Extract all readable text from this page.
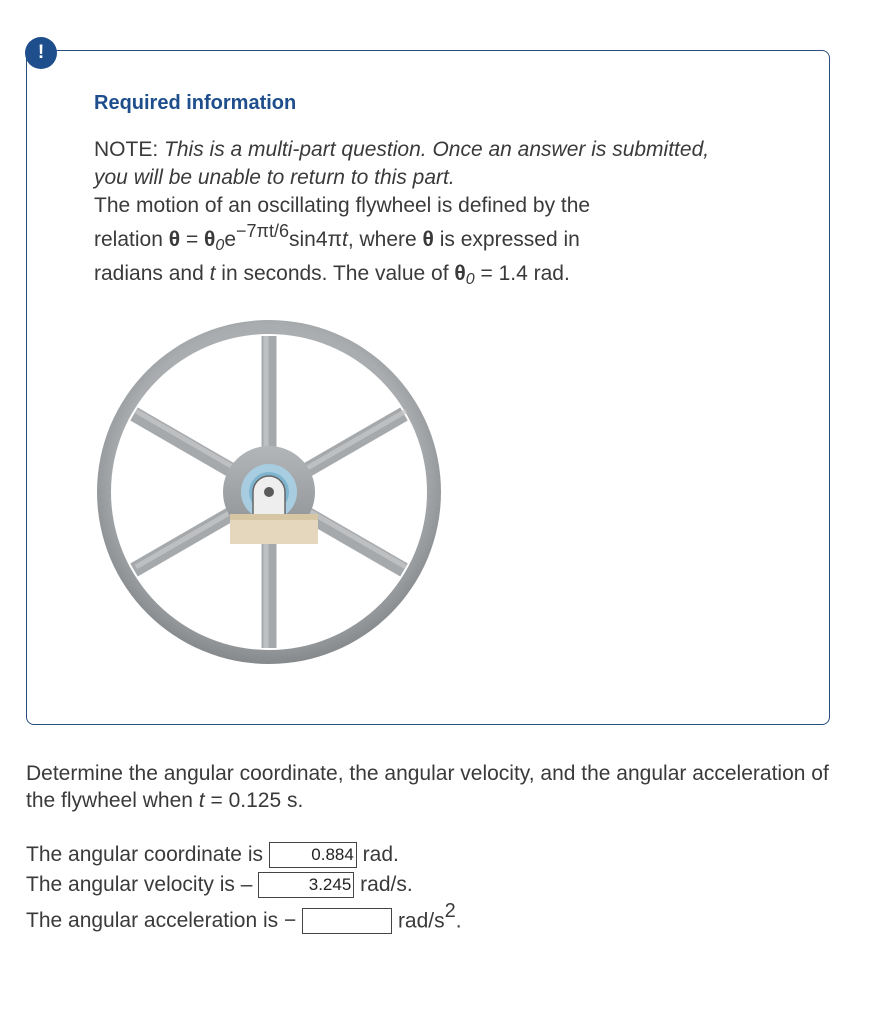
!
Required information

NOTE: This is a multi-part question. Once an answer is submitted, you will be unable to return to this part.

The motion of an oscillating flywheel is defined by the

relation $\theta = \theta_0e^{-7\pi t/6}\sin 4\pi t$, where θ is expressed in

radians and t in seconds. The value of $\theta_0 = 1.4$ rad.

Determine the angular coordinate, the angular velocity, and the angular acceleration of the flywheel when t = 0.125 s.

The angular coordinate is	0.884 rad.
The angular velocity is –	3.245 rad/s.
The angular acceleration is −	rad/$s^2$.
